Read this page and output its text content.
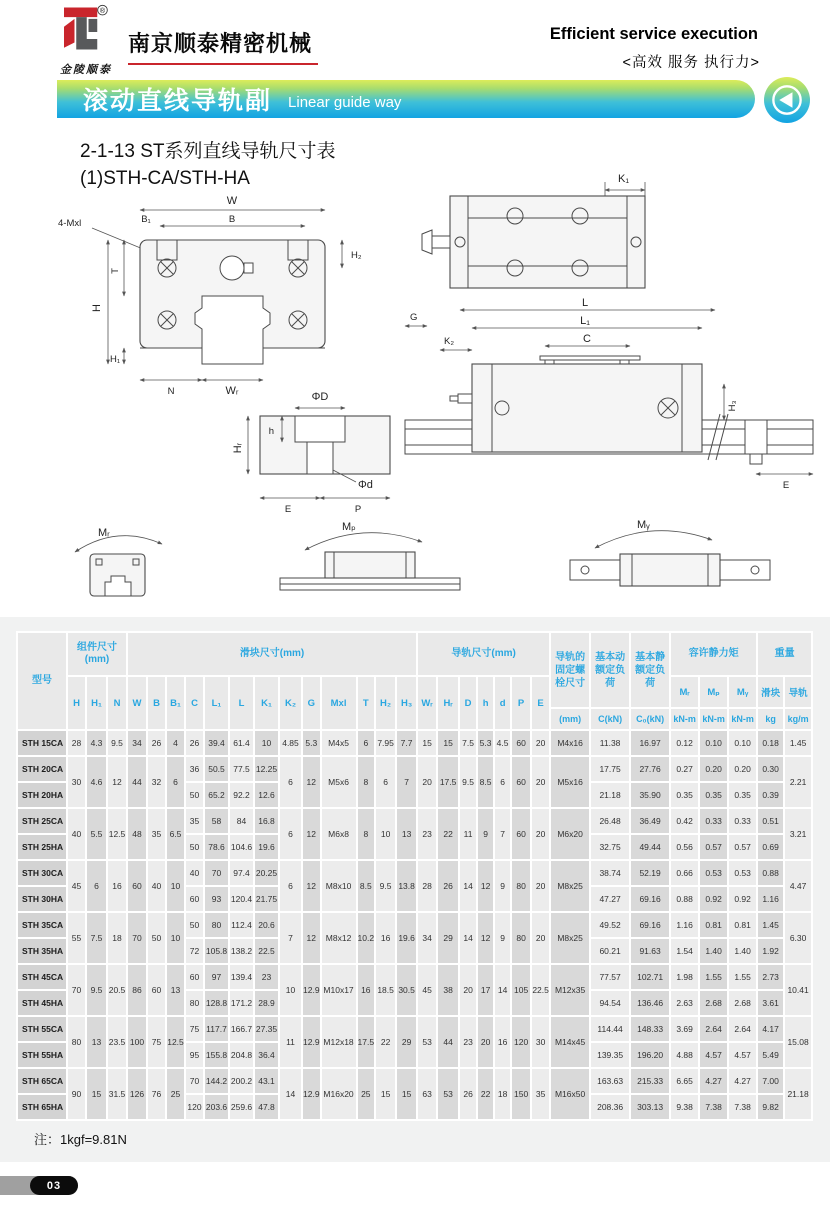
®
金陵顺泰
南京顺泰精密机械	Efficient service execution
<高效 服务 执行力>
滚动直线导轨副 Linear guide way
2-1-13 ST系列直线导轨尺寸表
(1)STH-CA/STH-HA
W
4-Mxl	B
B₁
H
T
H₁
H₂
N	Wᵣ	ΦD
h
Hᵣ
Φd
E	P
K₁
L
L₁
C
G
K₂
H₃
E
Mᵣ	Mₚ	Mᵧ
型号	组件尺寸(mm)			滑块尺寸(mm)													导轨尺寸(mm)							导轨的固定螺栓尺寸	基本动额定负荷	基本静额定负荷	容许静力矩			重量	
	H	H₁	N	W	B	B₁	C	L₁	L	K₁	K₂	G	Mxl	T	H₂	H₃	Wᵣ	Hᵣ	D	h	d	P	E				Mᵣ	Mₚ	Mᵧ	滑块	导轨
																								(mm)	C(kN)	C₀(kN)	kN-m	kN-m	kN-m	kg	kg/m
STH 15CA	28	4.3	9.5	34	26	4	26	39.4	61.4	10	4.85	5.3	M4x5	6	7.95	7.7	15	15	7.5	5.3	4.5	60	20	M4x16	11.38	16.97	0.12	0.10	0.10	0.18	1.45
STH 20CA	30	4.6	12	44	32	6	36	50.5	77.5	12.25	6	12	M5x6	8	6	7	20	17.5	9.5	8.5	6	60	20	M5x16	17.75	27.76	0.27	0.20	0.20	0.30	2.21
STH 20HA							50	65.2	92.2	12.6															21.18	35.90	0.35	0.35	0.35	0.39	
STH 25CA	40	5.5	12.5	48	35	6.5	35	58	84	16.8	6	12	M6x8	8	10	13	23	22	11	9	7	60	20	M6x20	26.48	36.49	0.42	0.33	0.33	0.51	3.21
STH 25HA							50	78.6	104.6	19.6															32.75	49.44	0.56	0.57	0.57	0.69	
STH 30CA	45	6	16	60	40	10	40	70	97.4	20.25	6	12	M8x10	8.5	9.5	13.8	28	26	14	12	9	80	20	M8x25	38.74	52.19	0.66	0.53	0.53	0.88	4.47
STH 30HA							60	93	120.4	21.75															47.27	69.16	0.88	0.92	0.92	1.16	
STH 35CA	55	7.5	18	70	50	10	50	80	112.4	20.6	7	12	M8x12	10.2	16	19.6	34	29	14	12	9	80	20	M8x25	49.52	69.16	1.16	0.81	0.81	1.45	6.30
STH 35HA							72	105.8	138.2	22.5															60.21	91.63	1.54	1.40	1.40	1.92	
STH 45CA	70	9.5	20.5	86	60	13	60	97	139.4	23	10	12.9	M10x17	16	18.5	30.5	45	38	20	17	14	105	22.5	M12x35	77.57	102.71	1.98	1.55	1.55	2.73	10.41
STH 45HA							80	128.8	171.2	28.9															94.54	136.46	2.63	2.68	2.68	3.61	
STH 55CA	80	13	23.5	100	75	12.5	75	117.7	166.7	27.35	11	12.9	M12x18	17.5	22	29	53	44	23	20	16	120	30	M14x45	114.44	148.33	3.69	2.64	2.64	4.17	15.08
STH 55HA							95	155.8	204.8	36.4															139.35	196.20	4.88	4.57	4.57	5.49	
STH 65CA	90	15	31.5	126	76	25	70	144.2	200.2	43.1	14	12.9	M16x20	25	15	15	63	53	26	22	18	150	35	M16x50	163.63	215.33	6.65	4.27	4.27	7.00	21.18
STH 65HA							120	203.6	259.6	47.8															208.36	303.13	9.38	7.38	7.38	9.82	
注：1kgf=9.81N
03
